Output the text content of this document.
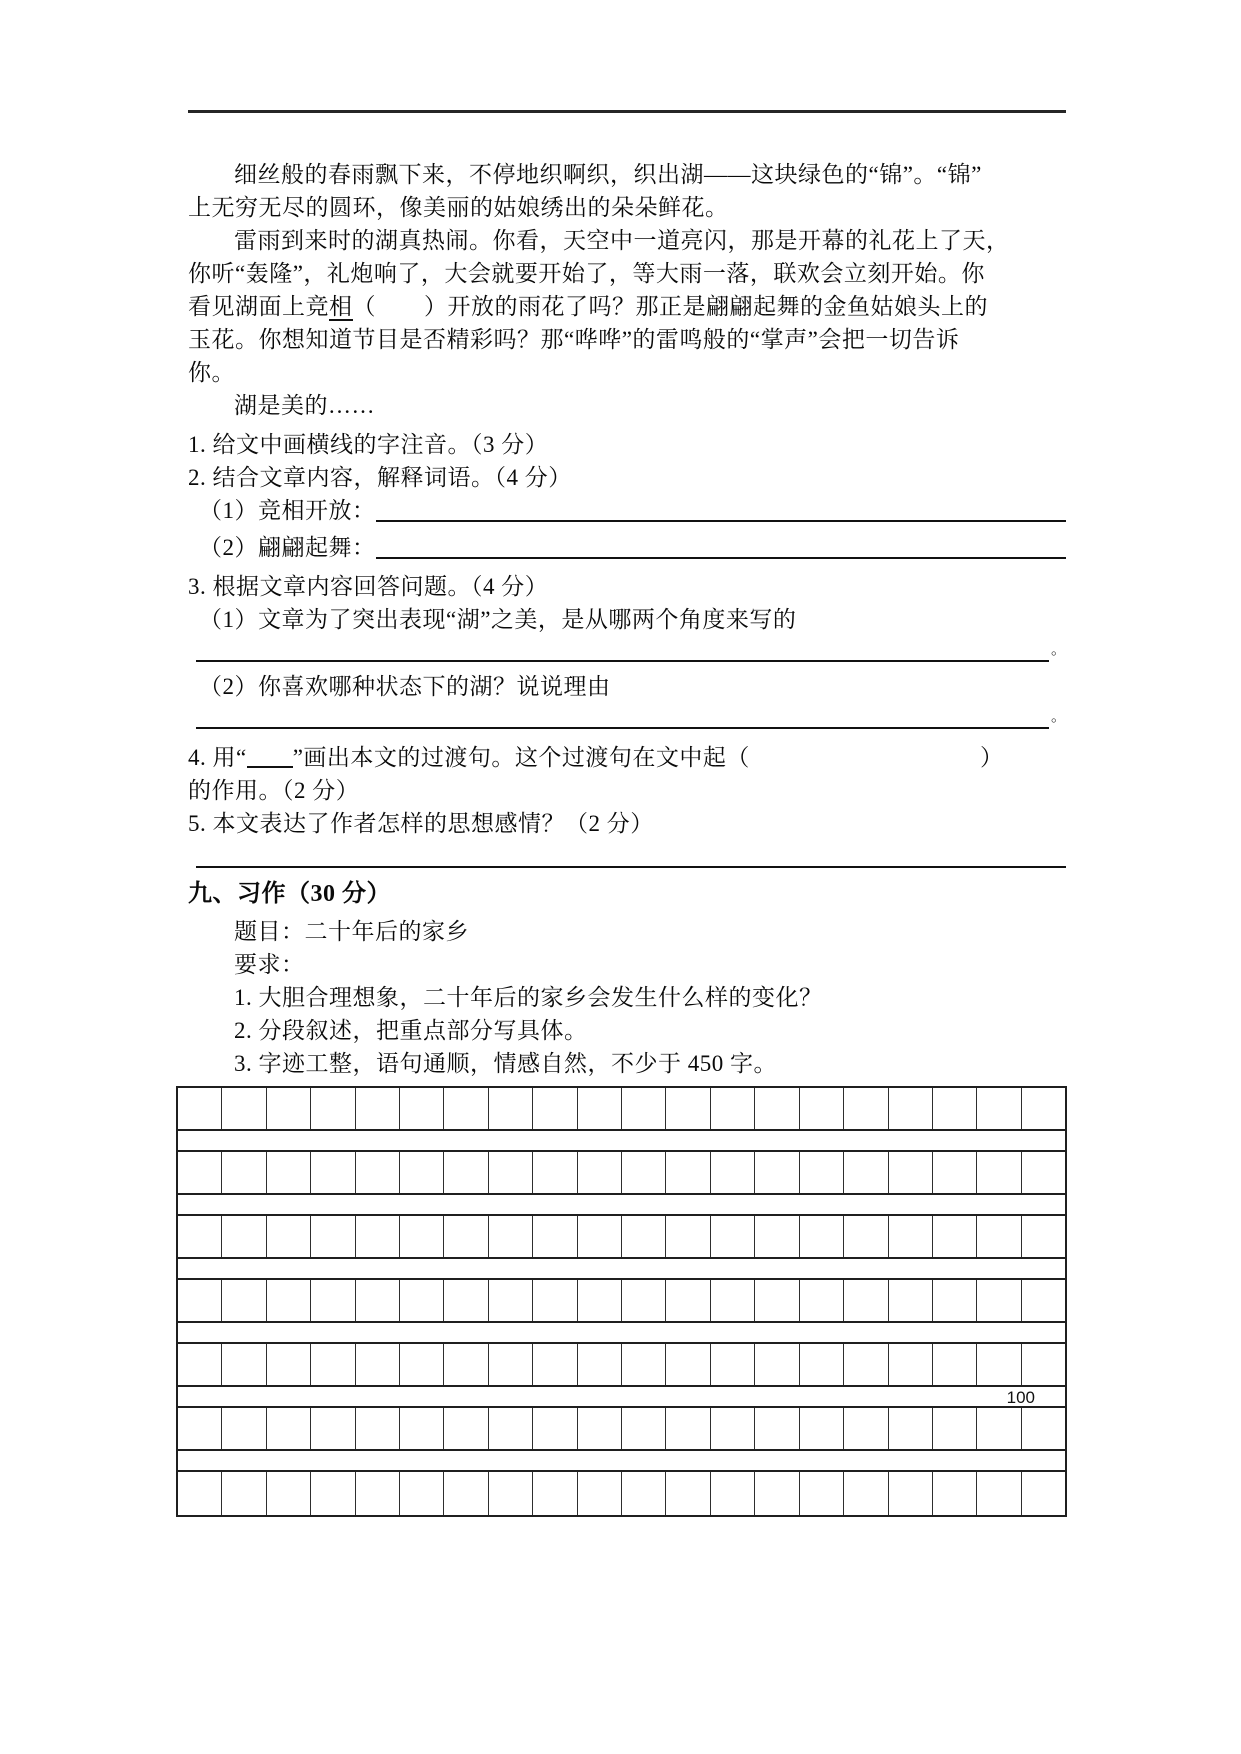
细丝般的春雨飘下来，不停地织啊织，织出湖——这块绿色的“锦”。“锦”
上无穷无尽的圆环，像美丽的姑娘绣出的朵朵鲜花。
雷雨到来时的湖真热闹。你看，天空中一道亮闪，那是开幕的礼花上了天，
你听“轰隆”，礼炮响了，大会就要开始了，等大雨一落，联欢会立刻开始。你
看见湖面上竞相（ ）开放的雨花了吗？那正是翩翩起舞的金鱼姑娘头上的
玉花。你想知道节目是否精彩吗？那“哗哗”的雷鸣般的“掌声”会把一切告诉
你。
湖是美的……
1. 给文中画横线的字注音。（3 分）
2. 结合文章内容，解释词语。（4 分）
（1）竞相开放：
（2）翩翩起舞：
3. 根据文章内容回答问题。（4 分）
（1）文章为了突出表现“湖”之美，是从哪两个角度来写的
。
（2）你喜欢哪种状态下的湖？说说理由
。
4. 用“ ”画出本文的过渡句。这个过渡句在文中起（	）
的作用。（2 分）
5. 本文表达了作者怎样的思想感情？（2 分）
九、习作（30 分）
题目：二十年后的家乡
要求：
1. 大胆合理想象，二十年后的家乡会发生什么样的变化？
2. 分段叙述，把重点部分写具体。
3. 字迹工整，语句通顺，情感自然，不少于 450 字。
100
